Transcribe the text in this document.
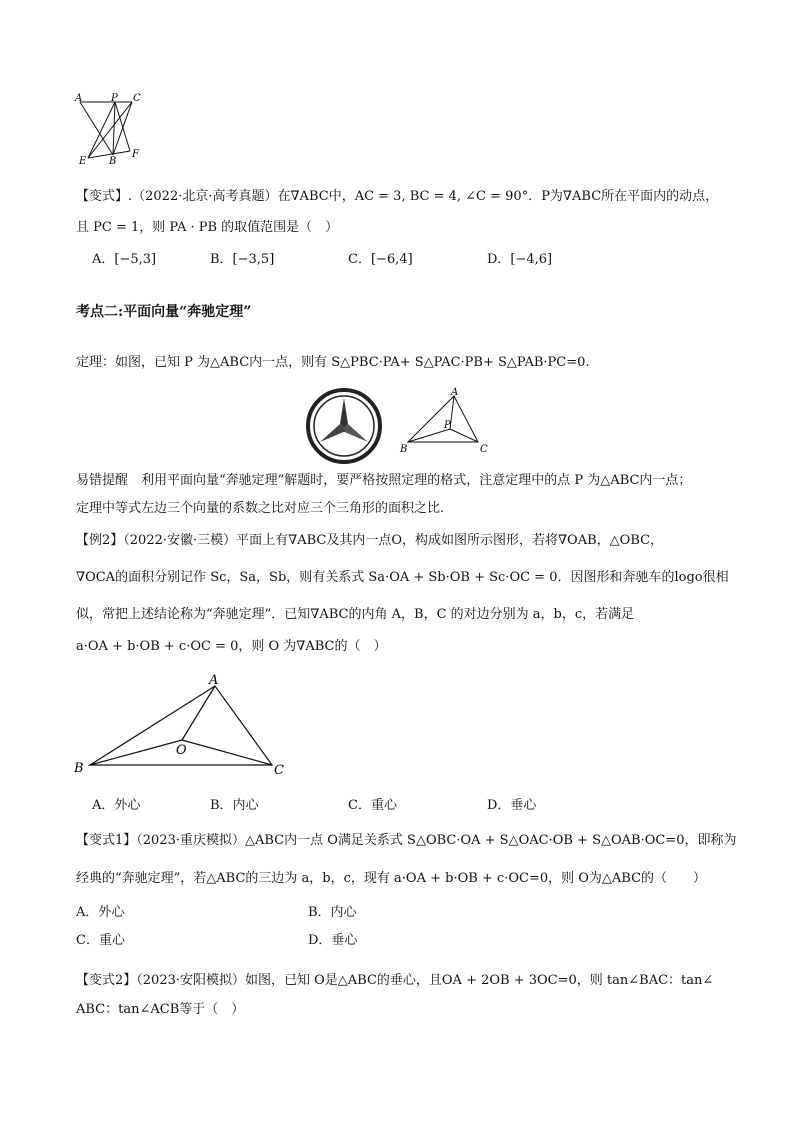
A	P C
E B
F
【变式】.（2022·北京·高考真题）在∇ABC中，AC = 3, BC = 4, ∠C = 90°．P为∇ABC所在平面内的动点，
且 PC = 1，则 PA · PB 的取值范围是（　）
A．[−5,3]	B．[−3,5]	C．[−6,4]	D．[−4,6]
考点二:平面向量“奔驰定理”
定理：如图，已知 P 为△ABC内一点，则有 S△PBC·PA+ S△PAC·PB+ S△PAB·PC=0.
A
P
B	C
易错提醒　利用平面向量“奔驰定理”解题时，要严格按照定理的格式，注意定理中的点 P 为△ABC内一点；
定理中等式左边三个向量的系数之比对应三个三角形的面积之比．
【例2】（2022·安徽·三模）平面上有∇ABC及其内一点O，构成如图所示图形，若将∇OAB，△OBC，
∇OCA的面积分别记作 Sc，Sa，Sb，则有关系式 Sa·OA + Sb·OB + Sc·OC = 0．因图形和奔驰车的logo很相
似，常把上述结论称为“奔驰定理”．已知∇ABC的内角 A，B，C 的对边分别为 a，b，c，若满足
a·OA + b·OB + c·OC = 0，则 O 为∇ABC的（　）
A
O
B	C
A．外心	B．内心	C．重心	D．垂心
【变式1】（2023·重庆模拟）△ABC内一点 O满足关系式 S△OBC·OA + S△OAC·OB + S△OAB·OC=0，即称为
经典的“奔驰定理”，若△ABC的三边为 a，b，c，现有 a·OA + b·OB + c·OC=0，则 O为△ABC的（　　）
A．外心	B．内心
C．重心	D．垂心
【变式2】（2023·安阳模拟）如图，已知 O是△ABC的垂心，且OA + 2OB + 3OC=0，则 tan∠BAC：tan∠
ABC：tan∠ACB等于（　）
